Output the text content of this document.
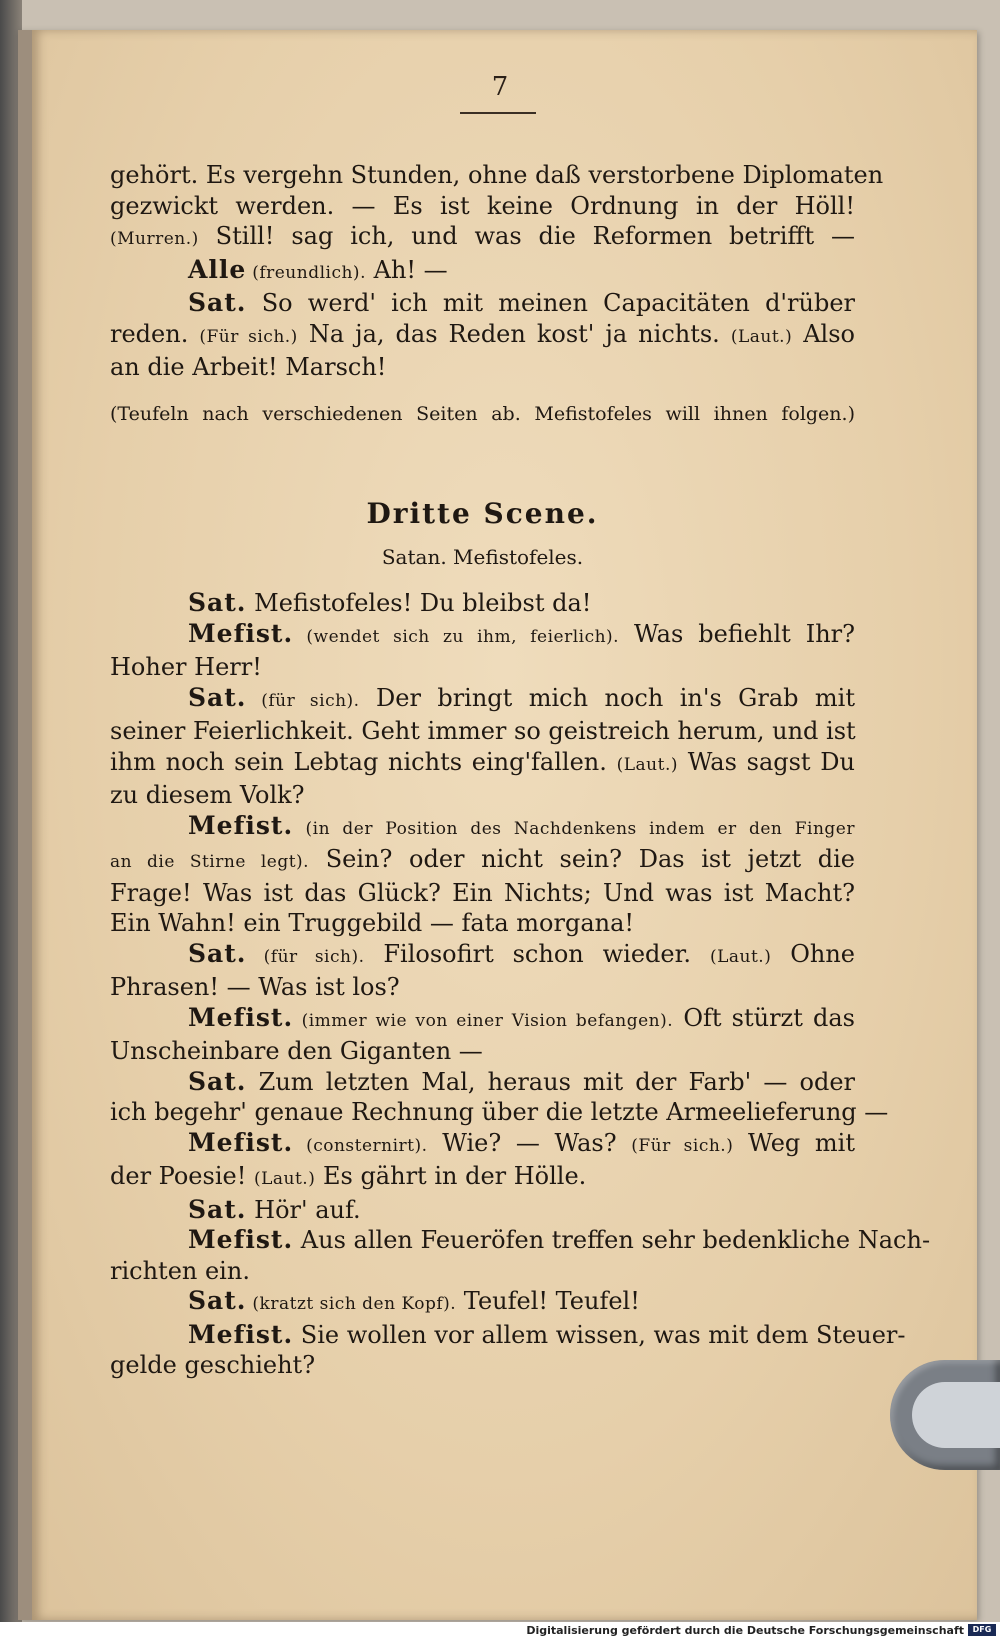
7

gehört. Es vergehn Stunden, ohne daß verstorbene Diplomaten

gezwickt werden. — Es ist keine Ordnung in der Höll!

(Murren.) Still! sag ich, und was die Reformen betrifft —

Alle (freundlich). Ah! —

Sat. So werd' ich mit meinen Capacitäten d'rüber

reden. (Für sich.) Na ja, das Reden kost' ja nichts. (Laut.) Also

an die Arbeit! Marsch!

(Teufeln nach verschiedenen Seiten ab. Mefistofeles will ihnen folgen.)

Dritte Scene.
Satan. Mefistofeles.

Sat. Mefistofeles! Du bleibst da!

Mefist. (wendet sich zu ihm, feierlich). Was befiehlt Ihr?

Hoher Herr!

Sat. (für sich). Der bringt mich noch in's Grab mit

seiner Feierlichkeit. Geht immer so geistreich herum, und ist

ihm noch sein Lebtag nichts eing'fallen. (Laut.) Was sagst Du

zu diesem Volk?

Mefist. (in der Position des Nachdenkens indem er den Finger

an die Stirne legt). Sein? oder nicht sein? Das ist jetzt die

Frage! Was ist das Glück? Ein Nichts; Und was ist Macht?

Ein Wahn! ein Truggebild — fata morgana!

Sat. (für sich). Filosofirt schon wieder. (Laut.) Ohne

Phrasen! — Was ist los?

Mefist. (immer wie von einer Vision befangen). Oft stürzt das

Unscheinbare den Giganten —

Sat. Zum letzten Mal, heraus mit der Farb' — oder

ich begehr' genaue Rechnung über die letzte Armeelieferung —

Mefist. (consternirt). Wie? — Was? (Für sich.) Weg mit

der Poesie! (Laut.) Es gährt in der Hölle.

Sat. Hör' auf.

Mefist. Aus allen Feueröfen treffen sehr bedenkliche Nach-

richten ein.

Sat. (kratzt sich den Kopf). Teufel! Teufel!

Mefist. Sie wollen vor allem wissen, was mit dem Steuer-

gelde geschieht?

Digitalisierung gefördert durch die Deutsche Forschungsgemeinschaft	DFG
